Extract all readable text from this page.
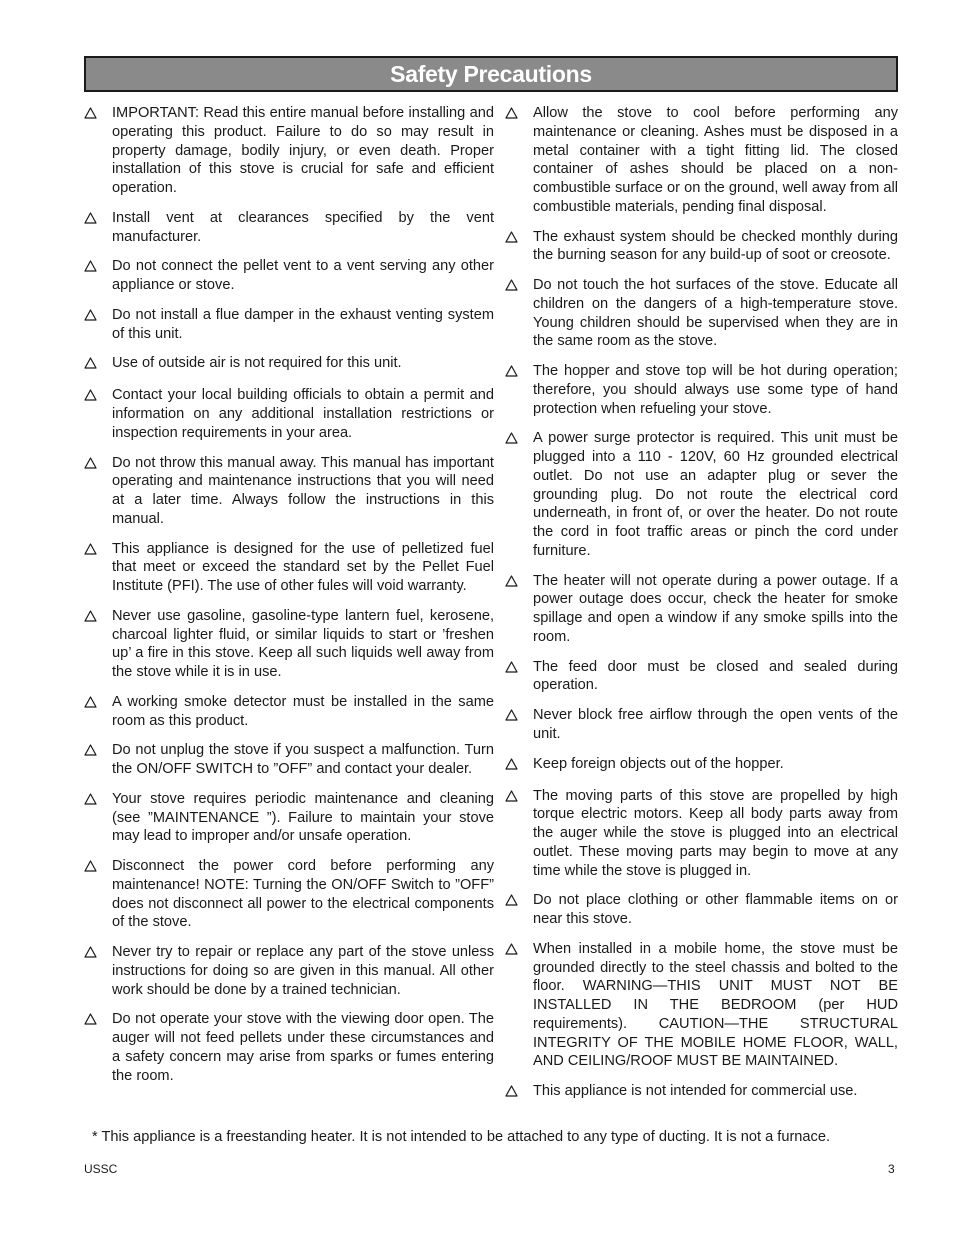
Safety Precautions
IMPORTANT: Read this entire manual before installing and operating this product. Failure to do so may result in property damage, bodily injury, or even death. Proper installation of this stove is crucial for safe and efficient operation.
Install vent at clearances specified by the vent manufacturer.
Do not connect the pellet vent to a vent serving any other appliance or stove.
Do not install a flue damper in the exhaust venting system of this unit.
Use of outside air is not required for this unit.
Contact your local building officials to obtain a permit and information on any additional installation restrictions or inspection requirements in your area.
Do not throw this manual away. This manual has important operating and maintenance instructions that you will need at a later time. Always follow the instructions in this manual.
This appliance is designed for the use of pelletized fuel that meet or exceed the standard set by the Pellet Fuel Institute (PFI). The use of other fules will void warranty.
Never use gasoline, gasoline-type lantern fuel, kerosene, charcoal lighter fluid, or similar liquids to start or ’freshen up’ a fire in this stove. Keep all such liquids well away from the stove while it is in use.
A working smoke detector must be installed in the same room as this product.
Do not unplug the stove if you suspect a malfunction. Turn the ON/OFF SWITCH to ”OFF” and contact your dealer.
Your stove requires periodic maintenance and cleaning (see ”MAINTENANCE ”). Failure to maintain your stove may lead to improper and/or unsafe operation.
Disconnect the power cord before performing any maintenance! NOTE: Turning the ON/OFF Switch to ”OFF” does not disconnect all power to the electrical components of the stove.
Never try to repair or replace any part of the stove unless instructions for doing so are given in this manual. All other work should be done by a trained technician.
Do not operate your stove with the viewing door open. The auger will not feed pellets under these circumstances and a safety concern may arise from sparks or fumes entering the room.
Allow the stove to cool before performing any maintenance or cleaning. Ashes must be disposed in a metal container with a tight fitting lid. The closed container of ashes should be placed on a non-combustible surface or on the ground, well away from all combustible materials, pending final disposal.
The exhaust system should be checked monthly during the burning season for any build-up of soot or creosote.
Do not touch the hot surfaces of the stove. Educate all children on the dangers of a high-temperature stove. Young children should be supervised when they are in the same room as the stove.
The hopper and stove top will be hot during operation; therefore, you should always use some type of hand protection when refueling your stove.
A power surge protector is required. This unit must be plugged into a 110 - 120V, 60 Hz grounded electrical outlet. Do not use an adapter plug or sever the grounding plug. Do not route the electrical cord underneath, in front of, or over the heater. Do not route the cord in foot traffic areas or pinch the cord under furniture.
The heater will not operate during a power outage. If a power outage does occur, check the heater for smoke spillage and open a window if any smoke spills into the room.
The feed door must be closed and sealed during operation.
Never block free airflow through the open vents of the unit.
Keep foreign objects out of the hopper.
The moving parts of this stove are propelled by high torque electric motors. Keep all body parts away from the auger while the stove is plugged into an electrical outlet. These moving parts may begin to move at any time while the stove is plugged in.
Do not place clothing or other flammable items on or near this stove.
When installed in a mobile home, the stove must be grounded directly to the steel chassis and bolted to the floor. WARNING—THIS UNIT MUST NOT BE INSTALLED IN THE BEDROOM (per HUD requirements). CAUTION—THE STRUCTURAL INTEGRITY OF THE MOBILE HOME FLOOR, WALL, AND CEILING/ROOF MUST BE MAINTAINED.
This appliance is not intended for commercial use.
* This appliance is a freestanding heater. It is not intended to be attached to any type of ducting. It is not a furnace.
USSC	3
